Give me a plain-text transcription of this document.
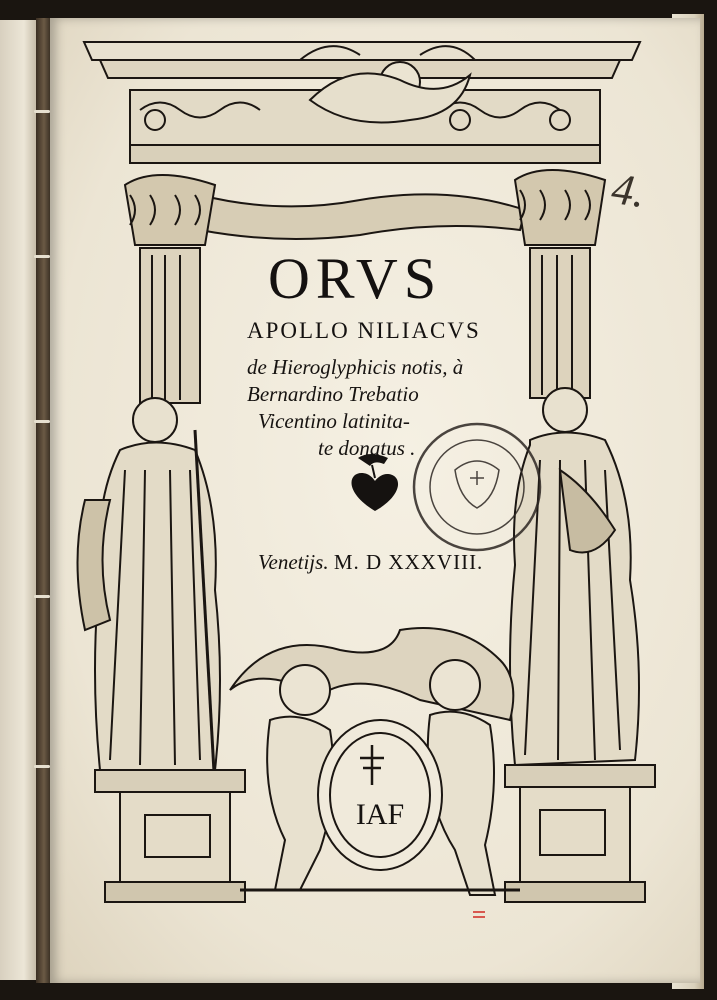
ORVS

APOLLO NILIACVS

de Hieroglyphicis notis, à

Bernardino Trebatio

Vicentino latinita-

te donatus .

Venetijs. M. D XXXVIII.

4.

IAF
